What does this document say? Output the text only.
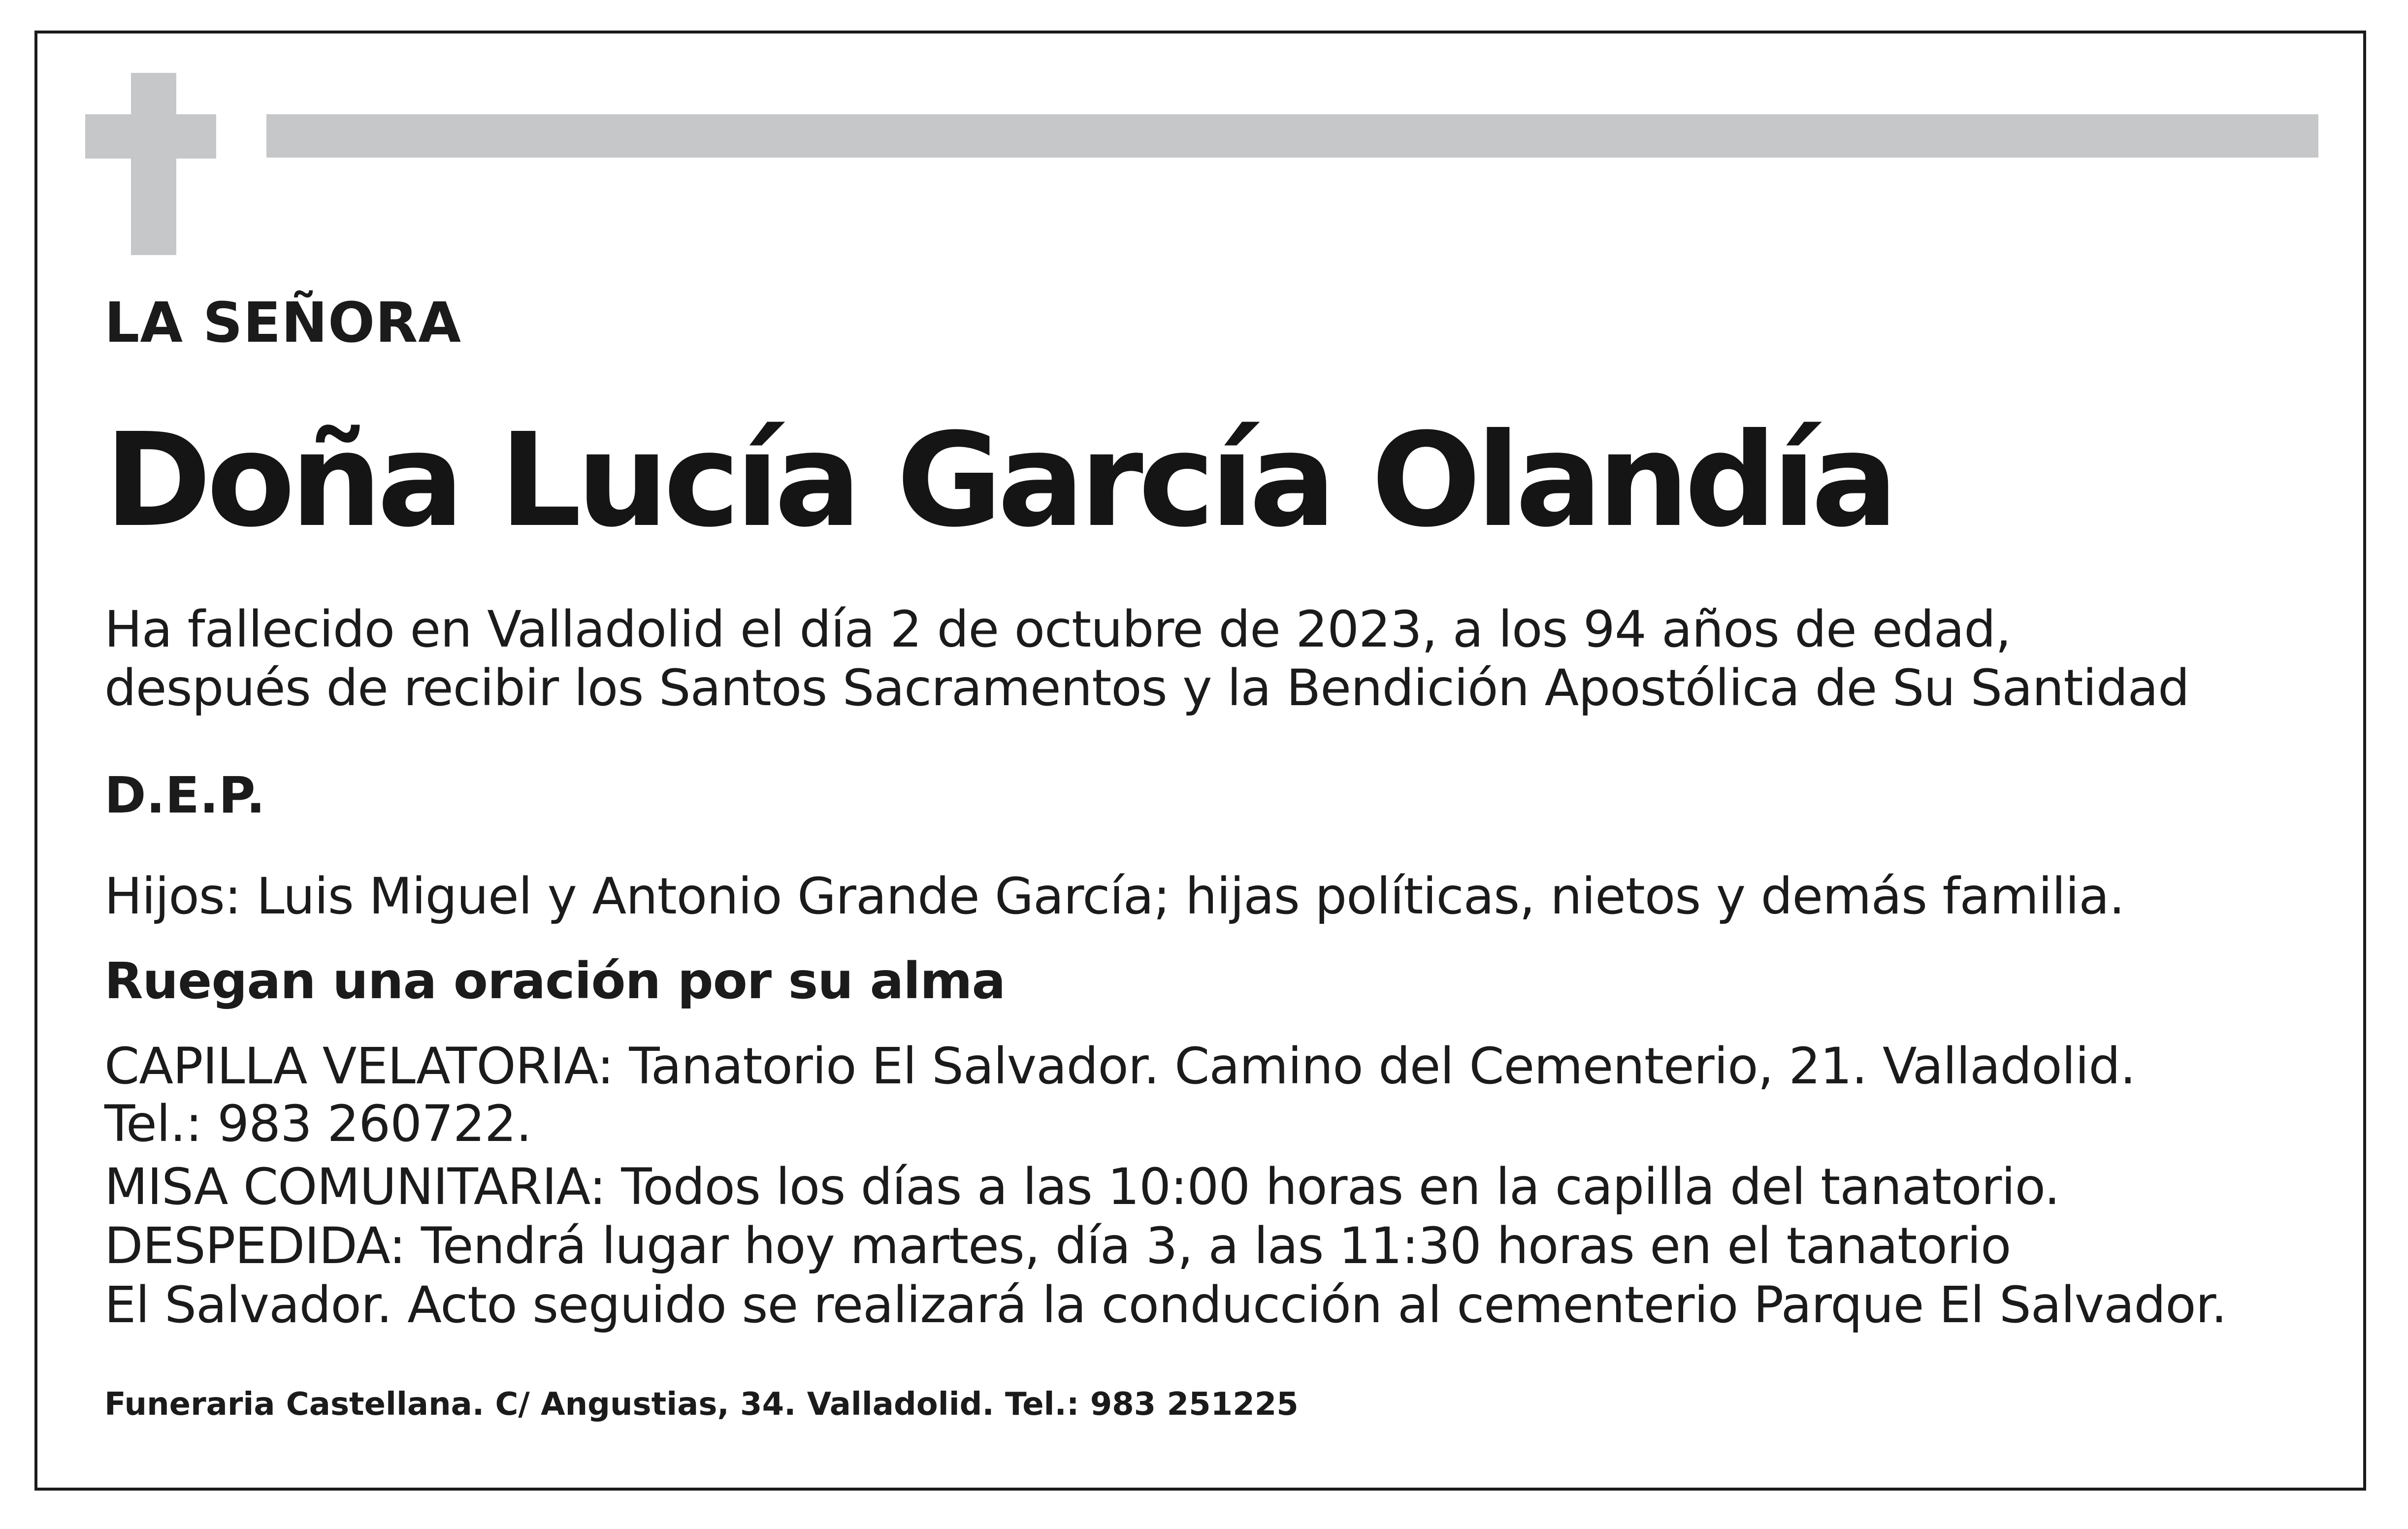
LA SEÑORA

Doña Lucía García Olandía

Ha fallecido en Valladolid el día 2 de octubre de 2023, a los 94 años de edad,

después de recibir los Santos Sacramentos y la Bendición Apostólica de Su Santidad

D.E.P.

Hijos: Luis Miguel y Antonio Grande García; hijas políticas, nietos y demás familia.

Ruegan una oración por su alma

CAPILLA VELATORIA: Tanatorio El Salvador. Camino del Cementerio, 21. Valladolid.

Tel.: 983 260722.

MISA COMUNITARIA: Todos los días a las 10:00 horas en la capilla del tanatorio.

DESPEDIDA: Tendrá lugar hoy martes, día 3, a las 11:30 horas en el tanatorio

El Salvador. Acto seguido se realizará la conducción al cementerio Parque El Salvador.

Funeraria Castellana. C/ Angustias, 34. Valladolid. Tel.: 983 251225
